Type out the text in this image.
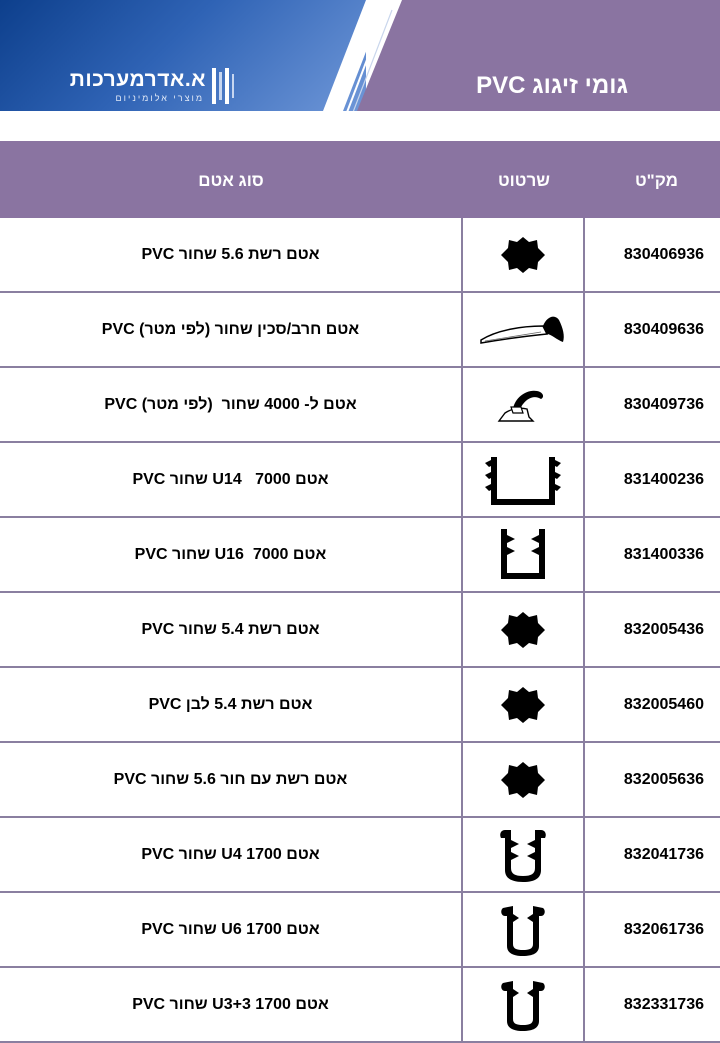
א.אדרמערכות
מוצרי אלומיניום	גומי זיגוג PVC
סוג אטם	שרטוט	מק"ט
אטם רשת 5.6 שחור PVC	830406936
אטם חרב/סכין שחור (לפי מטר) PVC	830409636
אטם ל- 4000 שחור  (לפי מטר) PVC	830409736
אטם 7000   U14 שחור PVC	831400236
אטם 7000  U16 שחור PVC	831400336
אטם רשת 5.4 שחור PVC	832005436
אטם רשת 5.4 לבן PVC	832005460
אטם רשת עם חור 5.6 שחור PVC	832005636
אטם 1700 U4 שחור PVC	832041736
אטם 1700 U6 שחור PVC	832061736
אטם 1700 U3+3 שחור PVC	832331736
